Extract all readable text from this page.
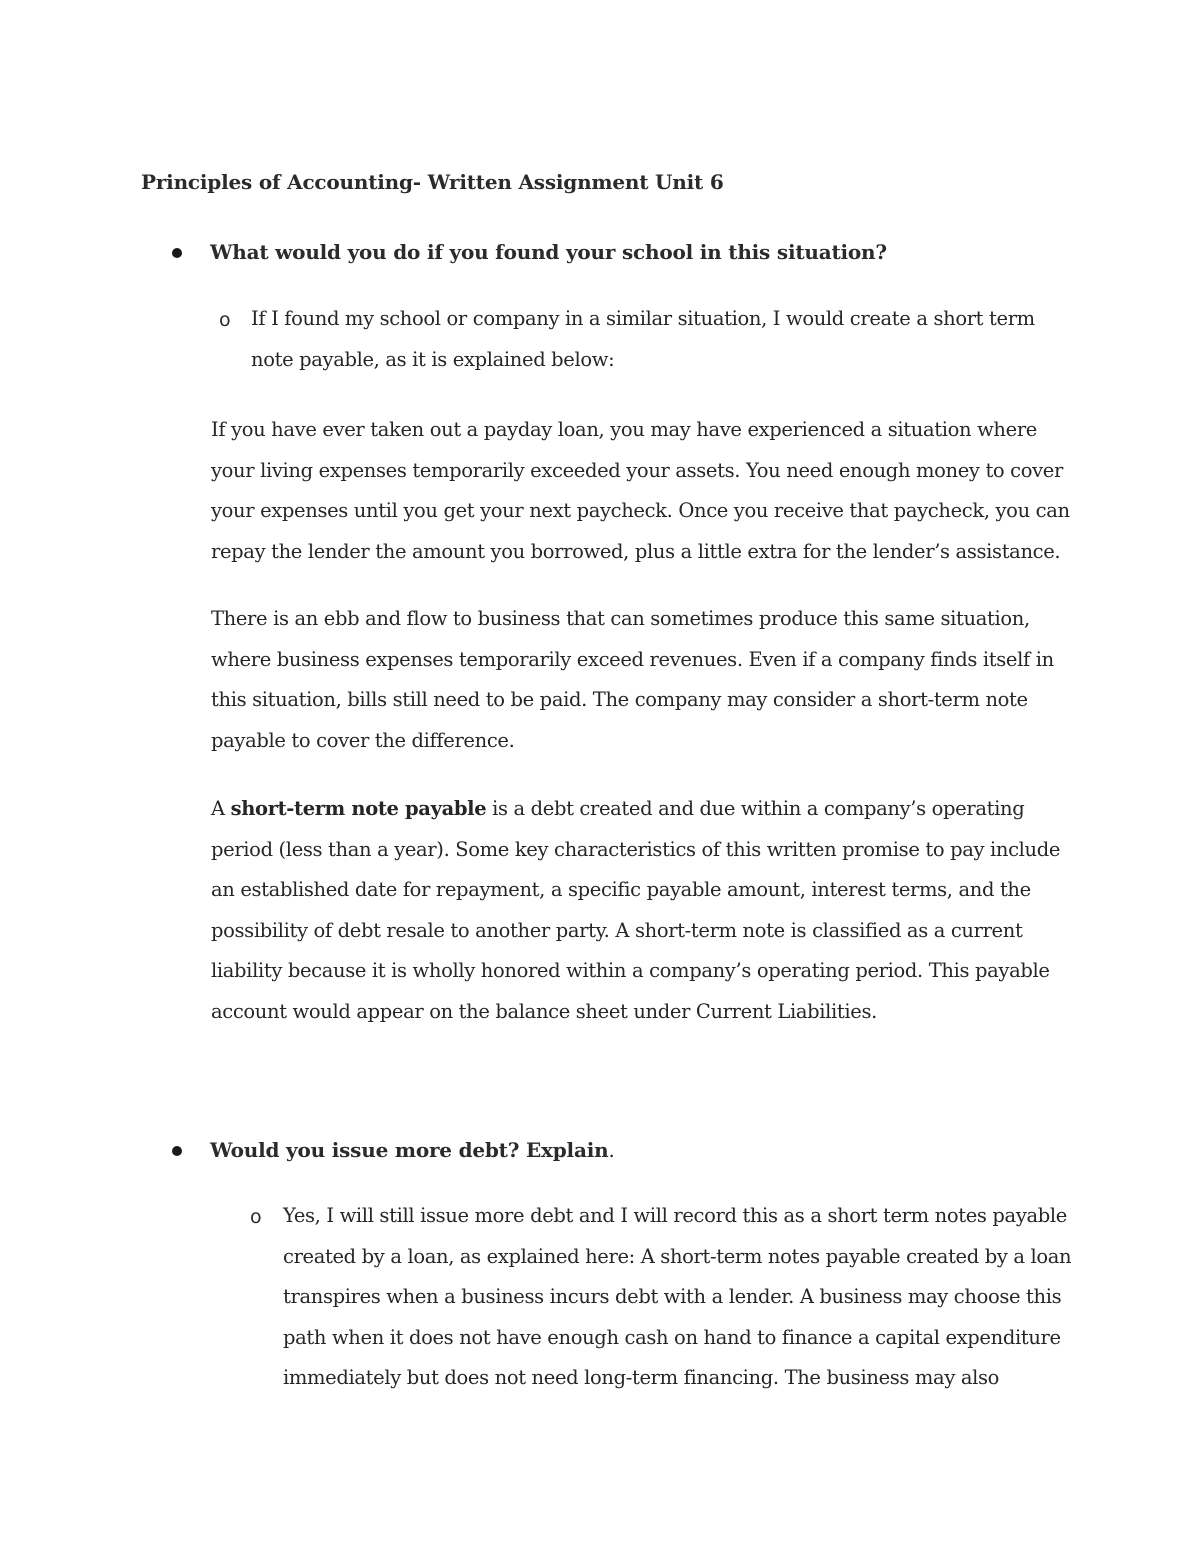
Principles of Accounting- Written Assignment Unit 6
What would you do if you found your school in this situation?
o If I found my school or company in a similar situation, I would create a short term
note payable, as it is explained below:
If you have ever taken out a payday loan, you may have experienced a situation where
your living expenses temporarily exceeded your assets. You need enough money to cover
your expenses until you get your next paycheck. Once you receive that paycheck, you can
repay the lender the amount you borrowed, plus a little extra for the lender’s assistance.
There is an ebb and flow to business that can sometimes produce this same situation,
where business expenses temporarily exceed revenues. Even if a company finds itself in
this situation, bills still need to be paid. The company may consider a short-term note
payable to cover the difference.
A short-term note payable is a debt created and due within a company’s operating
period (less than a year). Some key characteristics of this written promise to pay include
an established date for repayment, a specific payable amount, interest terms, and the
possibility of debt resale to another party. A short-term note is classified as a current
liability because it is wholly honored within a company’s operating period. This payable
account would appear on the balance sheet under Current Liabilities.
Would you issue more debt? Explain.
o Yes, I will still issue more debt and I will record this as a short term notes payable
created by a loan, as explained here: A short-term notes payable created by a loan
transpires when a business incurs debt with a lender. A business may choose this
path when it does not have enough cash on hand to finance a capital expenditure
immediately but does not need long-term financing. The business may also
